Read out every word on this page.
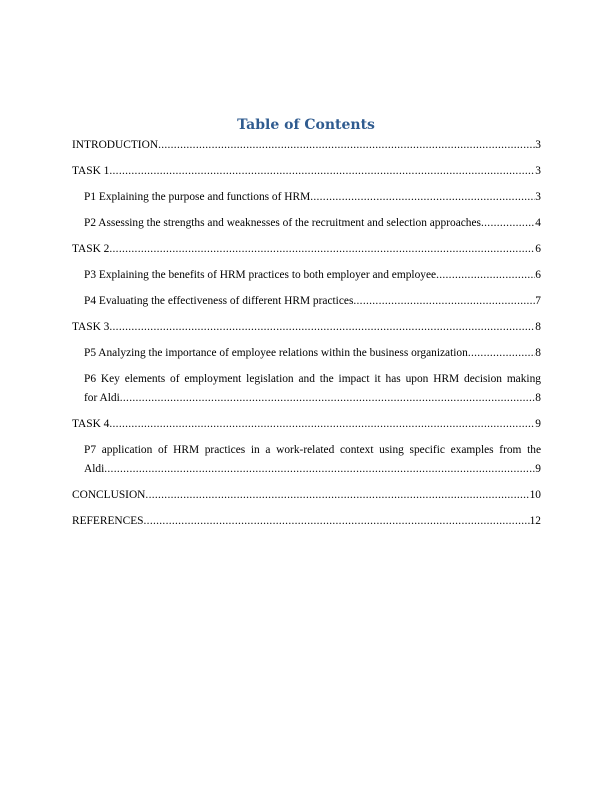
Table of Contents
INTRODUCTION .....	3
TASK 1 .....	3
P1 Explaining the purpose and functions of HRM .....	3
P2 Assessing the strengths and weaknesses of the recruitment and selection approaches .....	4
TASK 2 .....	6
P3 Explaining the benefits of HRM practices to both employer and employee .....	6
P4 Evaluating the effectiveness of different HRM practices .....	7
TASK 3 .....	8
P5 Analyzing the importance of employee relations within the business organization .....	8
P6 Key elements of employment legislation and the impact it has upon HRM decision making
for Aldi .....	8
TASK 4 .....	9
P7 application of HRM practices in a work-related context using specific examples from the
Aldi .....	9
CONCLUSION .....	10
REFERENCES .....	12
